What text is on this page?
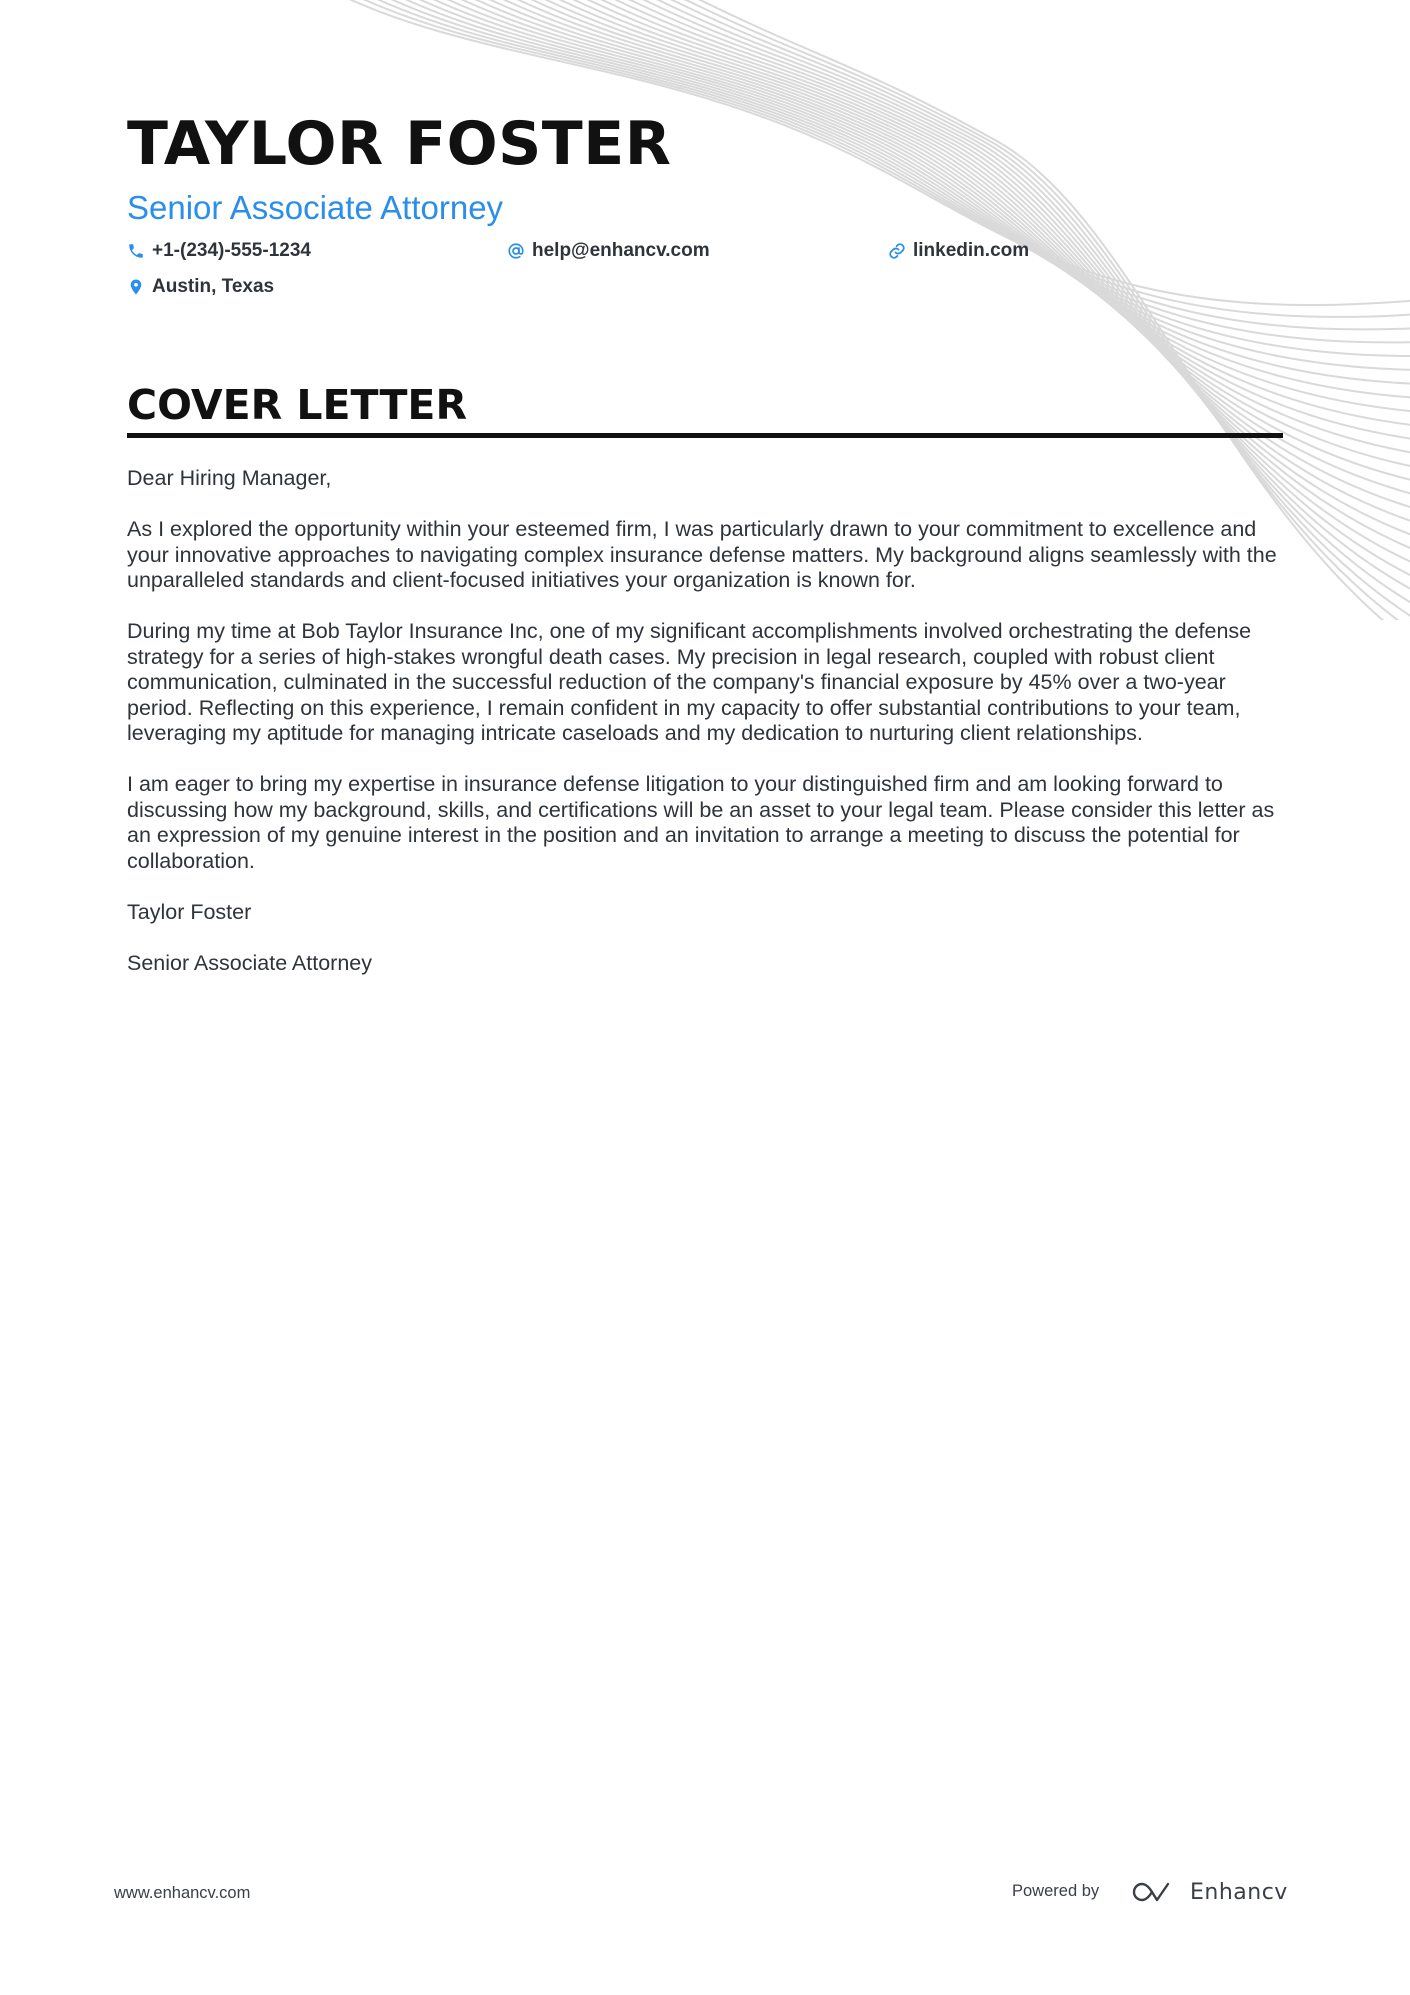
TAYLOR FOSTER
Senior Associate Attorney
+1-(234)-555-1234	help@enhancv.com	linkedin.com
Austin, Texas
COVER LETTER

Dear Hiring Manager,

As I explored the opportunity within your esteemed firm, I was particularly drawn to your commitment to excellence and your innovative approaches to navigating complex insurance defense matters. My background aligns seamlessly with the unparalleled standards and client-focused initiatives your organization is known for.

During my time at Bob Taylor Insurance Inc, one of my significant accomplishments involved orchestrating the defense strategy for a series of high-stakes wrongful death cases. My precision in legal research, coupled with robust client communication, culminated in the successful reduction of the company's financial exposure by 45% over a two-year period. Reflecting on this experience, I remain confident in my capacity to offer substantial contributions to your team, leveraging my aptitude for managing intricate caseloads and my dedication to nurturing client relationships.

I am eager to bring my expertise in insurance defense litigation to your distinguished firm and am looking forward to discussing how my background, skills, and certifications will be an asset to your legal team. Please consider this letter as an expression of my genuine interest in the position and an invitation to arrange a meeting to discuss the potential for collaboration.

Taylor Foster

Senior Associate Attorney

www.enhancv.com	Powered by	Enhancv
